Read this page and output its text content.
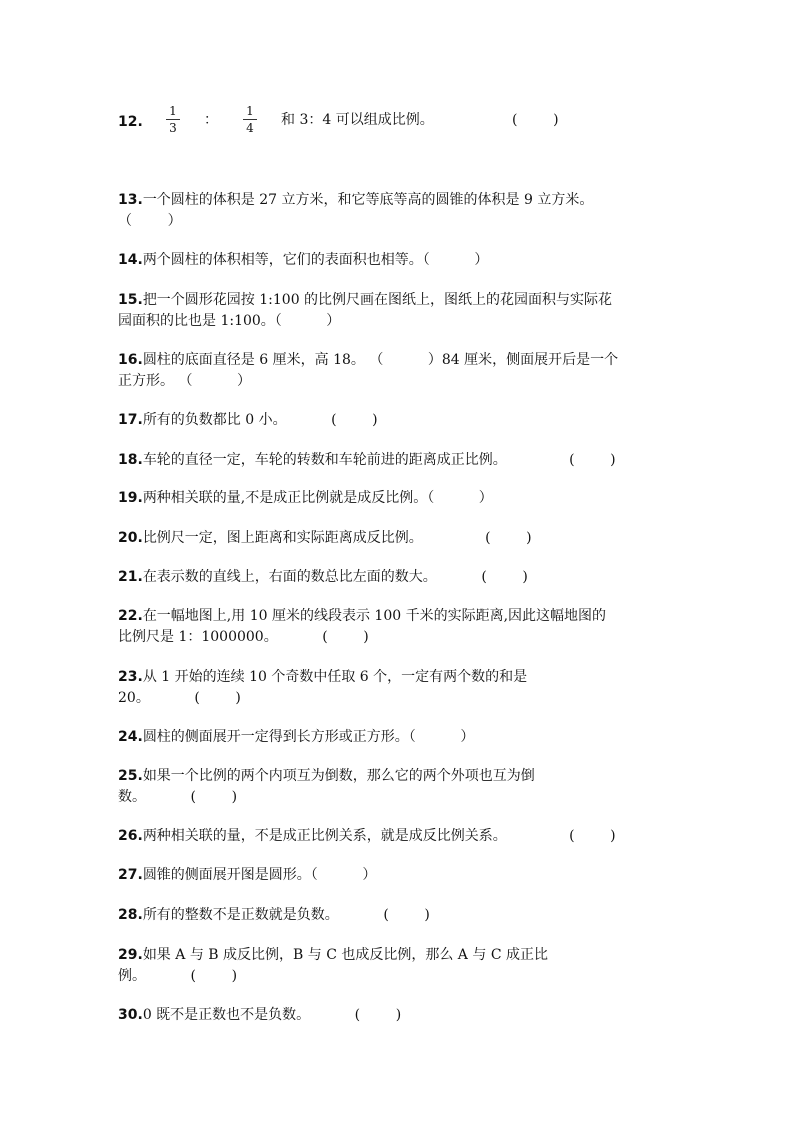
12.	$\frac{1}{3}$ ：	$\frac{1}{4}$ 和 3：4 可以组成比例。	(        )
13.一个圆柱的体积是 27 立方米，和它等底等高的圆锥的体积是 9 立方米。
（        ）
14.两个圆柱的体积相等，它们的表面积也相等。（          ）
15.把一个圆形花园按 1:100 的比例尺画在图纸上，图纸上的花园面积与实际花
园面积的比也是 1:100。（          ）
16.圆柱的底面直径是 6 厘米，高 18。 （          ）84 厘米，侧面展开后是一个
正方形。 （          ）
17.所有的负数都比 0 小。          (        )
18.车轮的直径一定，车轮的转数和车轮前进的距离成正比例。              (        )
19.两种相关联的量,不是成正比例就是成反比例。（          ）
20.比例尺一定，图上距离和实际距离成反比例。              (        )
21.在表示数的直线上，右面的数总比左面的数大。          (        )
22.在一幅地图上,用 10 厘米的线段表示 100 千米的实际距离,因此这幅地图的
比例尺是 1：1000000。          (        )
23.从 1 开始的连续 10 个奇数中任取 6 个，一定有两个数的和是
20。          (        )
24.圆柱的侧面展开一定得到长方形或正方形。（          ）
25.如果一个比例的两个内项互为倒数，那么它的两个外项也互为倒
数。          (        )
26.两种相关联的量，不是成正比例关系，就是成反比例关系。              (        )
27.圆锥的侧面展开图是圆形。（          ）
28.所有的整数不是正数就是负数。          (        )
29.如果 A 与 B 成反比例，B 与 C 也成反比例，那么 A 与 C 成正比
例。          (        )
30.0 既不是正数也不是负数。          (        )
